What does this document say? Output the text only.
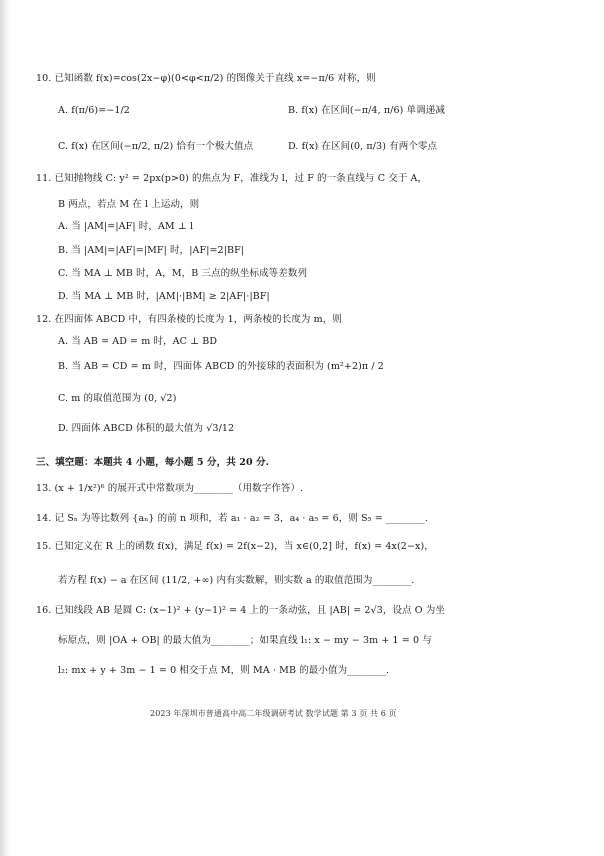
10. 已知函数 f(x)=cos(2x−φ)(0<φ<π/2) 的图像关于直线 x=−π/6 对称，则
A. f(π/6)=−1/2	B. f(x) 在区间(−π/4, π/6) 单调递减
C. f(x) 在区间(−π/2, π/2) 恰有一个极大值点	D. f(x) 在区间(0, π/3) 有两个零点
11. 已知抛物线 C: y² = 2px(p>0) 的焦点为 F，准线为 l，过 F 的一条直线与 C 交于 A，
B 两点，若点 M 在 l 上运动，则
A. 当 |AM|=|AF| 时，AM ⊥ l
B. 当 |AM|=|AF|=|MF| 时，|AF|=2|BF|
C. 当 MA ⊥ MB 时，A，M，B 三点的纵坐标成等差数列
D. 当 MA ⊥ MB 时，|AM|·|BM| ≥ 2|AF|·|BF|
12. 在四面体 ABCD 中，有四条棱的长度为 1，两条棱的长度为 m，则
A. 当 AB = AD = m 时，AC ⊥ BD
B. 当 AB = CD = m 时，四面体 ABCD 的外接球的表面积为 (m²+2)π / 2
C. m 的取值范围为 (0, √2)
D. 四面体 ABCD 体积的最大值为 √3/12
三、填空题：本题共 4 小题，每小题 5 分，共 20 分.
13. (x + 1/x²)⁶ 的展开式中常数项为________（用数字作答）.
14. 记 Sₙ 为等比数列 {aₙ} 的前 n 项和，若 a₁ · a₂ = 3，a₄ · a₅ = 6，则 S₅ = ________.
15. 已知定义在 R 上的函数 f(x)，满足 f(x) = 2f(x−2)，当 x∈(0,2] 时，f(x) = 4x(2−x)，
若方程 f(x) − a 在区间 (11/2, +∞) 内有实数解，则实数 a 的取值范围为________.
16. 已知线段 AB 是圆 C: (x−1)² + (y−1)² = 4 上的一条动弦，且 |AB| = 2√3，设点 O 为坐
标原点，则 |OA + OB| 的最大值为________；如果直线 l₁: x − my − 3m + 1 = 0 与
l₂: mx + y + 3m − 1 = 0 相交于点 M，则 MA · MB 的最小值为________.
2023 年深圳市普通高中高二年级调研考试 数学试题 第 3 页 共 6 页
